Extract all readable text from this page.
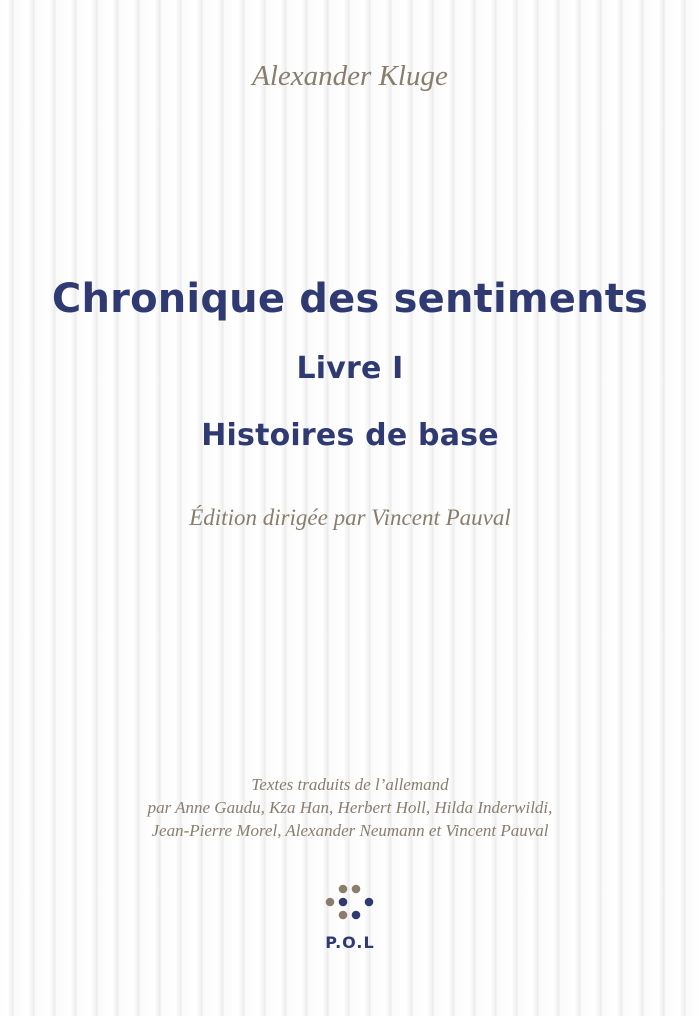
Alexander Kluge

Chronique des sentiments
Livre I
Histoires de base

Édition dirigée par Vincent Pauval

Textes traduits de l’allemand
par Anne Gaudu, Kza Han, Herbert Holl, Hilda Inderwildi,
Jean-Pierre Morel, Alexander Neumann et Vincent Pauval

P.O.L
